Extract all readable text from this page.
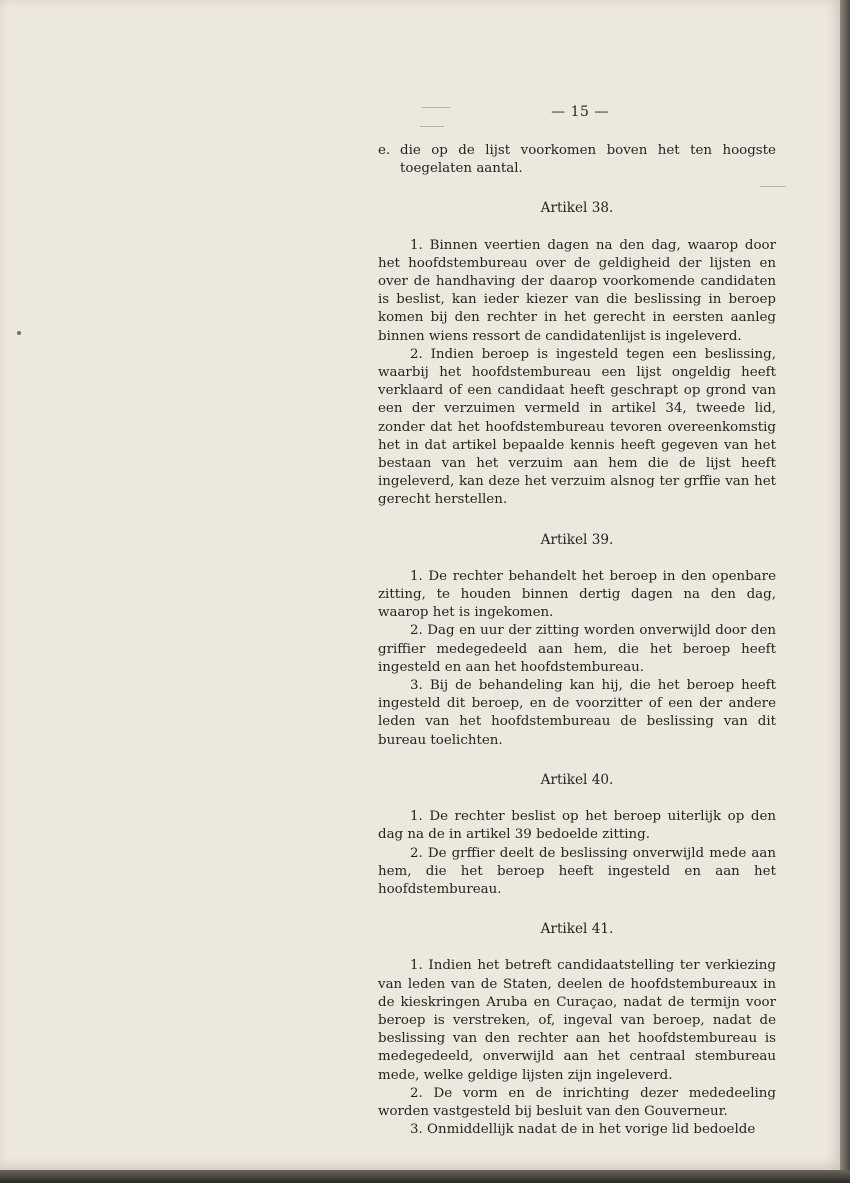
— 15 —
e. die op de lijst voorkomen boven het ten hoogste toegelaten aantal.
Artikel 38.

1. Binnen veertien dagen na den dag, waarop door het hoofdstembureau over de geldigheid der lijsten en over de handhaving der daarop voorkomende candidaten is beslist, kan ieder kiezer van die beslissing in beroep komen bij den rechter in het gerecht in eersten aanleg binnen wiens ressort de candidatenlijst is ingeleverd.

2. Indien beroep is ingesteld tegen een beslissing, waarbij het hoofdstembureau een lijst ongeldig heeft verklaard of een candidaat heeft geschrapt op grond van een der verzuimen vermeld in artikel 34, tweede lid, zonder dat het hoofdstembureau tevoren overeenkomstig het in dat artikel bepaalde kennis heeft gegeven van het bestaan van het verzuim aan hem die de lijst heeft ingeleverd, kan deze het verzuim alsnog ter grffie van het gerecht herstellen.

Artikel 39.

1. De rechter behandelt het beroep in den openbare zitting, te houden binnen dertig dagen na den dag, waarop het is ingekomen.

2. Dag en uur der zitting worden onverwijld door den griffier medegedeeld aan hem, die het beroep heeft ingesteld en aan het hoofdstembureau.

3. Bij de behandeling kan hij, die het beroep heeft ingesteld dit beroep, en de voorzitter of een der andere leden van het hoofdstembureau de beslissing van dit bureau toelichten.

Artikel 40.

1. De rechter beslist op het beroep uiterlijk op den dag na de in artikel 39 bedoelde zitting.

2. De grffier deelt de beslissing onverwijld mede aan hem, die het beroep heeft ingesteld en aan het hoofdstembureau.

Artikel 41.

1. Indien het betreft candidaatstelling ter verkiezing van leden van de Staten, deelen de hoofdstembureaux in de kieskringen Aruba en Curaçao, nadat de termijn voor beroep is verstreken, of, ingeval van beroep, nadat de beslissing van den rechter aan het hoofdstembureau is medegedeeld, onverwijld aan het centraal stembureau mede, welke geldige lijsten zijn ingeleverd.

2. De vorm en de inrichting dezer mededeeling worden vastgesteld bij besluit van den Gouverneur.

3. Onmiddellijk nadat de in het vorige lid bedoelde
